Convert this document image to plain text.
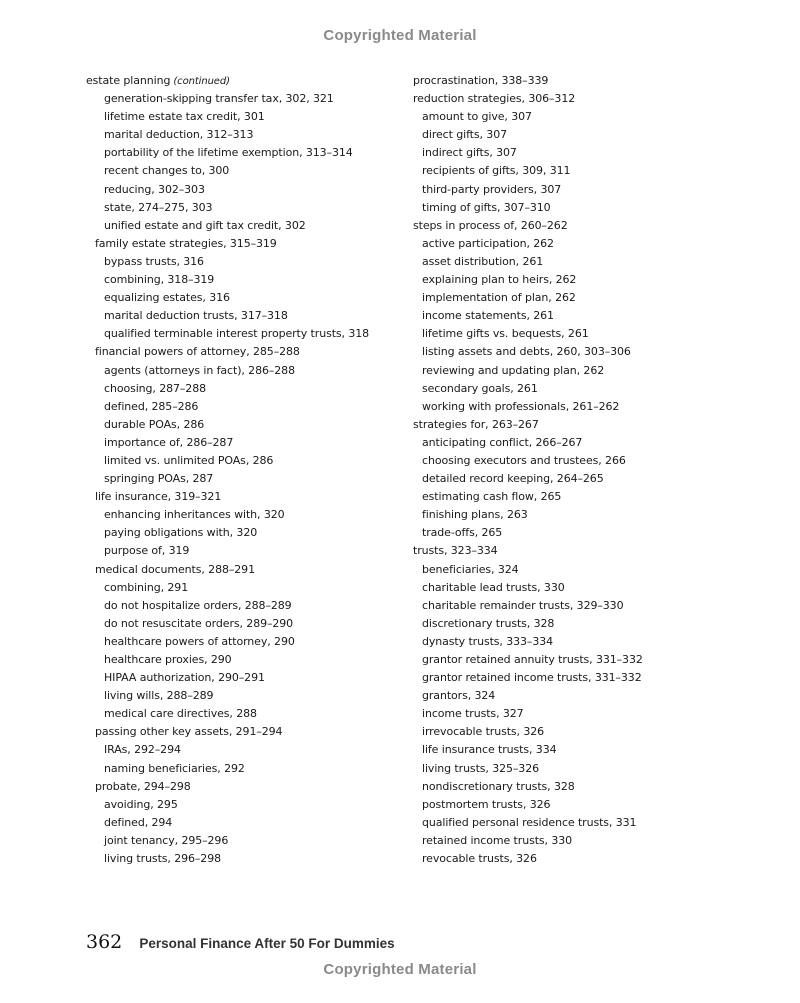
Copyrighted Material
estate planning (continued)
generation-skipping transfer tax, 302, 321
lifetime estate tax credit, 301
marital deduction, 312–313
portability of the lifetime exemption, 313–314
recent changes to, 300
reducing, 302–303
state, 274–275, 303
unified estate and gift tax credit, 302
family estate strategies, 315–319
bypass trusts, 316
combining, 318–319
equalizing estates, 316
marital deduction trusts, 317–318
qualified terminable interest property trusts, 318
financial powers of attorney, 285–288
agents (attorneys in fact), 286–288
choosing, 287–288
defined, 285–286
durable POAs, 286
importance of, 286–287
limited vs. unlimited POAs, 286
springing POAs, 287
life insurance, 319–321
enhancing inheritances with, 320
paying obligations with, 320
purpose of, 319
medical documents, 288–291
combining, 291
do not hospitalize orders, 288–289
do not resuscitate orders, 289–290
healthcare powers of attorney, 290
healthcare proxies, 290
HIPAA authorization, 290–291
living wills, 288–289
medical care directives, 288
passing other key assets, 291–294
IRAs, 292–294
naming beneficiaries, 292
probate, 294–298
avoiding, 295
defined, 294
joint tenancy, 295–296
living trusts, 296–298
procrastination, 338–339
reduction strategies, 306–312
amount to give, 307
direct gifts, 307
indirect gifts, 307
recipients of gifts, 309, 311
third-party providers, 307
timing of gifts, 307–310
steps in process of, 260–262
active participation, 262
asset distribution, 261
explaining plan to heirs, 262
implementation of plan, 262
income statements, 261
lifetime gifts vs. bequests, 261
listing assets and debts, 260, 303–306
reviewing and updating plan, 262
secondary goals, 261
working with professionals, 261–262
strategies for, 263–267
anticipating conflict, 266–267
choosing executors and trustees, 266
detailed record keeping, 264–265
estimating cash flow, 265
finishing plans, 263
trade-offs, 265
trusts, 323–334
beneficiaries, 324
charitable lead trusts, 330
charitable remainder trusts, 329–330
discretionary trusts, 328
dynasty trusts, 333–334
grantor retained annuity trusts, 331–332
grantor retained income trusts, 331–332
grantors, 324
income trusts, 327
irrevocable trusts, 326
life insurance trusts, 334
living trusts, 325–326
nondiscretionary trusts, 328
postmortem trusts, 326
qualified personal residence trusts, 331
retained income trusts, 330
revocable trusts, 326
362 Personal Finance After 50 For Dummies
Copyrighted Material
